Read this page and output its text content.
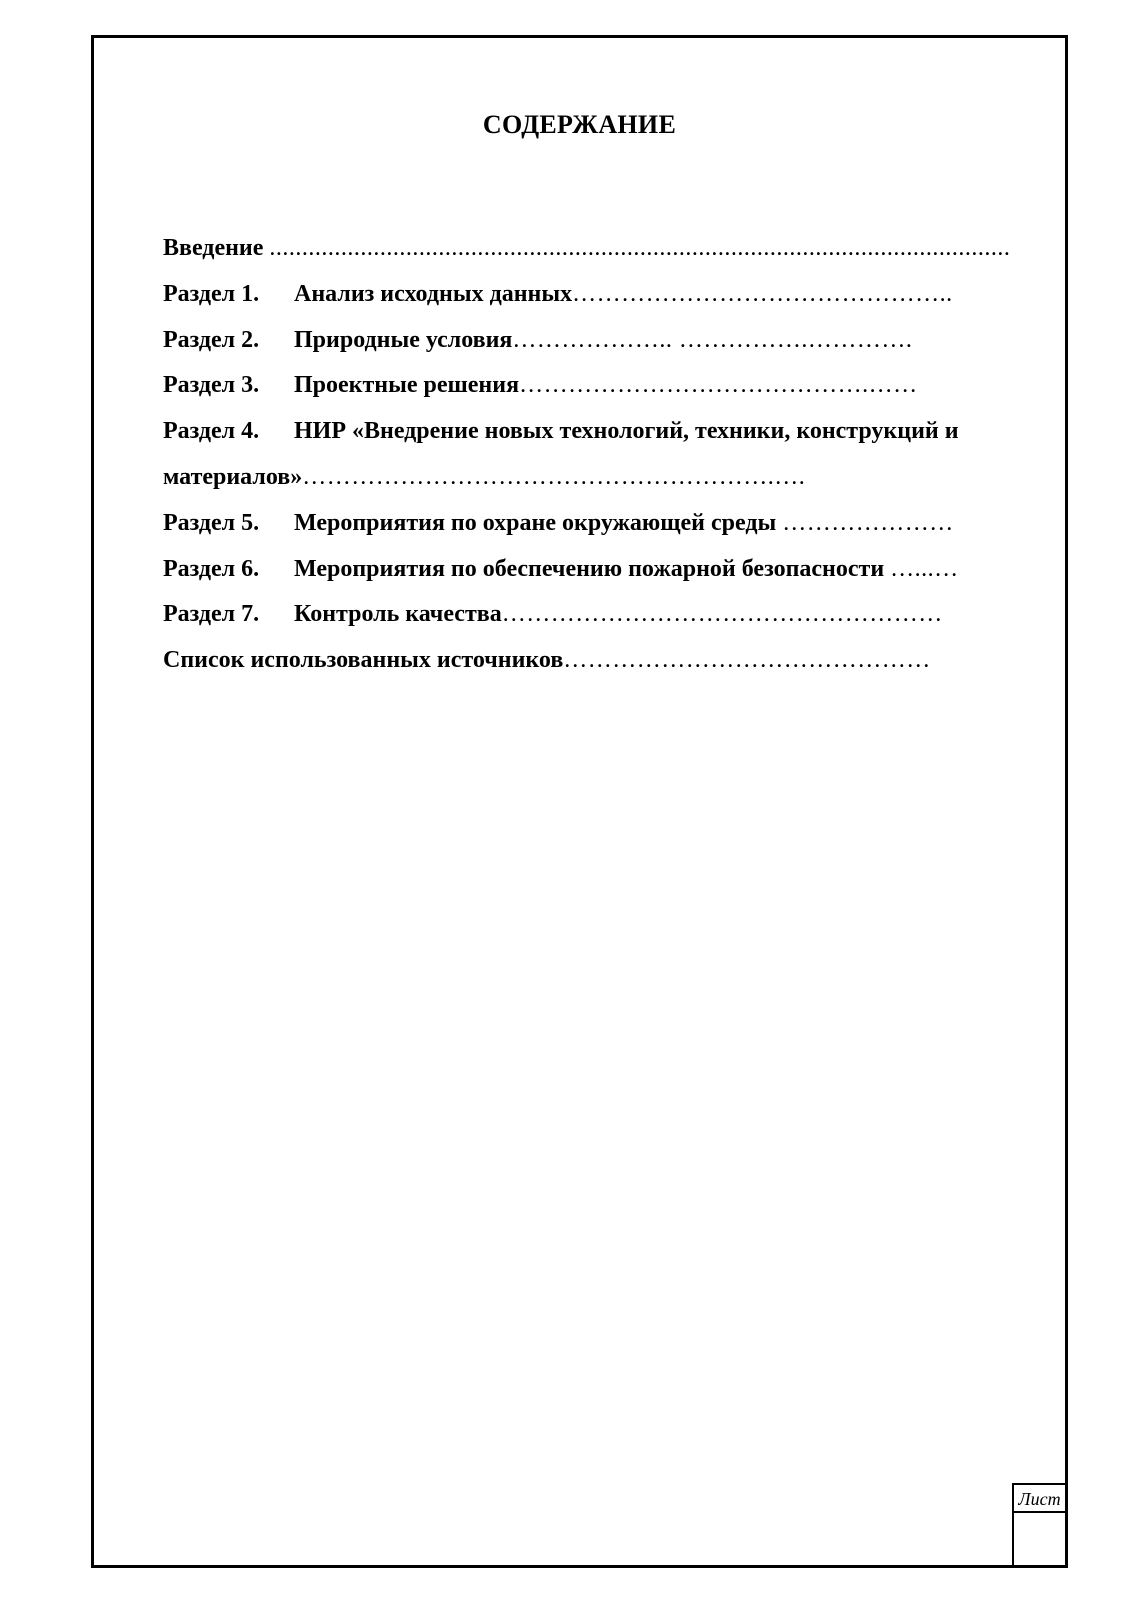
СОДЕРЖАНИЕ
Введение ..................................................................................................................
Раздел 1. Анализ исходных данных………………………………………..
Раздел 2. Природные условия……………….. …………….………….
Раздел 3. Проектные решения…………………………………….……
Раздел 4. НИР «Внедрение новых технологий, техники, конструкций и
материалов»………………………………………………….….
Раздел 5. Мероприятия по охране окружающей среды …………………
Раздел 6. Мероприятия по обеспечению пожарной безопасности …...…
Раздел 7. Контроль качества………………………………………………
Список использованных источников………………………………………
Лист
